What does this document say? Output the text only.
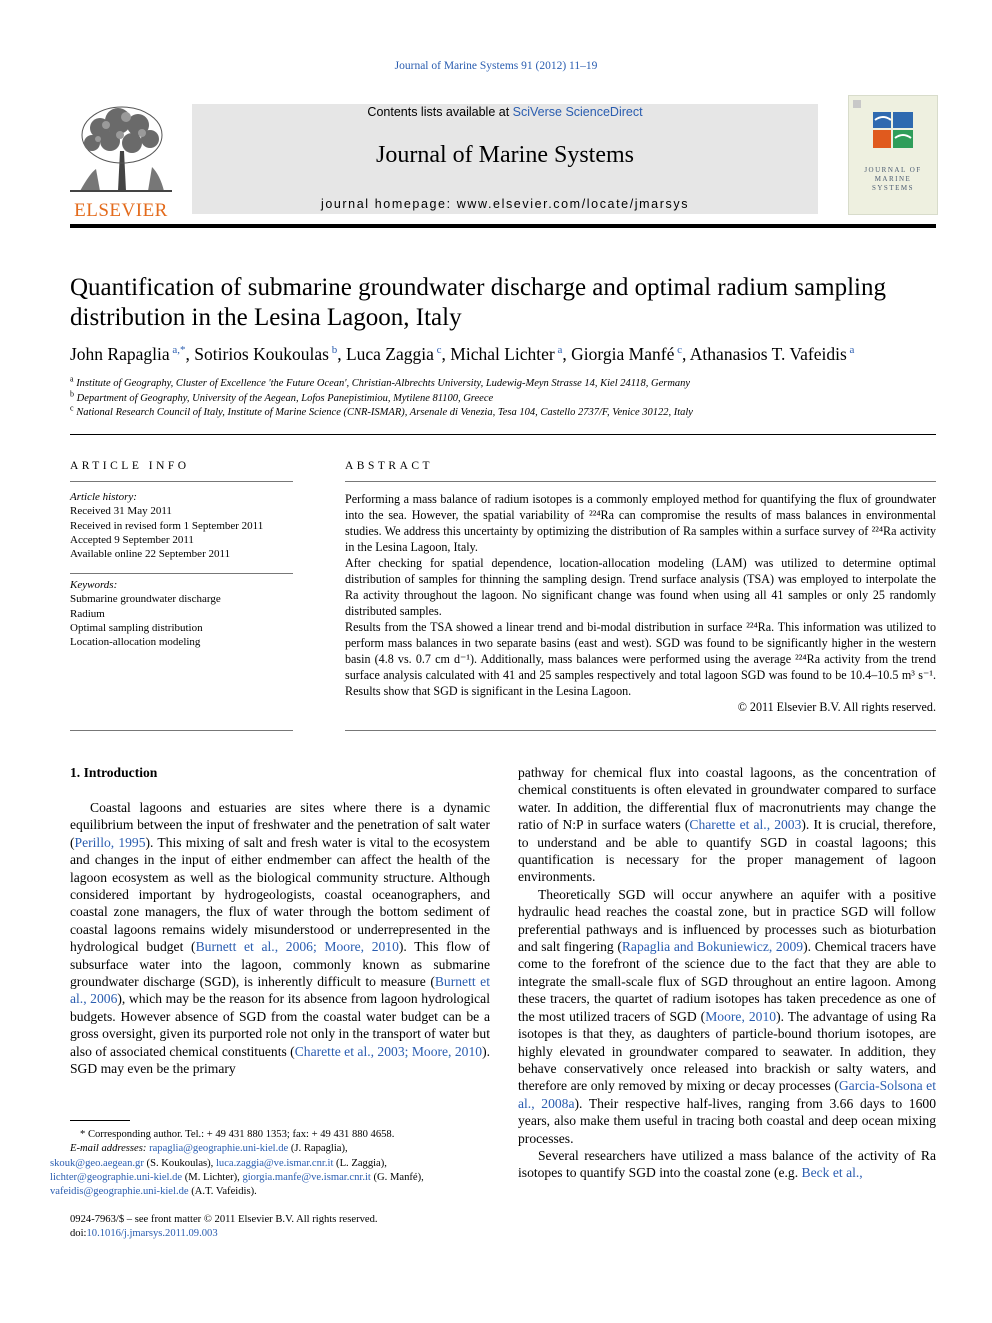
Journal of Marine Systems 91 (2012) 11–19
ELSEVIER
Contents lists available at SciVerse ScienceDirect
Journal of Marine Systems
journal homepage: www.elsevier.com/locate/jmarsys
JOURNAL OF MARINE SYSTEMS
Quantification of submarine groundwater discharge and optimal radium sampling
distribution in the Lesina Lagoon, Italy
John Rapaglia $^{a,*}$, Sotirios Koukoulas $^b$, Luca Zaggia $^c$, Michal Lichter $^a$, Giorgia Manfé $^c$, Athanasios T. Vafeidis $^a$
$^a$ Institute of Geography, Cluster of Excellence 'the Future Ocean', Christian-Albrechts University, Ludewig-Meyn Strasse 14, Kiel 24118, Germany
$^b$ Department of Geography, University of the Aegean, Lofos Panepistimiou, Mytilene 81100, Greece
$^c$ National Research Council of Italy, Institute of Marine Science (CNR-ISMAR), Arsenale di Venezia, Tesa 104, Castello 2737/F, Venice 30122, Italy
ARTICLE INFO
Article history:
Received 31 May 2011
Received in revised form 1 September 2011
Accepted 9 September 2011
Available online 22 September 2011
Keywords:
Submarine groundwater discharge
Radium
Optimal sampling distribution
Location-allocation modeling
ABSTRACT

Performing a mass balance of radium isotopes is a commonly employed method for quantifying the flux of groundwater into the sea. However, the spatial variability of ²²⁴Ra can compromise the results of mass balances in environmental studies. We address this uncertainty by optimizing the distribution of Ra samples within a surface survey of ²²⁴Ra activity in the Lesina Lagoon, Italy.

After checking for spatial dependence, location-allocation modeling (LAM) was utilized to determine optimal distribution of samples for thinning the sampling design. Trend surface analysis (TSA) was employed to interpolate the Ra activity throughout the lagoon. No significant change was found when using all 41 samples or only 25 randomly distributed samples.

Results from the TSA showed a linear trend and bi-modal distribution in surface ²²⁴Ra. This information was utilized to perform mass balances in two separate basins (east and west). SGD was found to be significantly higher in the western basin (4.8 vs. 0.7 cm d⁻¹). Additionally, mass balances were performed using the average ²²⁴Ra activity from the trend surface analysis calculated with 41 and 25 samples respectively and total lagoon SGD was found to be 10.4–10.5 m³ s⁻¹. Results show that SGD is significant in the Lesina Lagoon.

© 2011 Elsevier B.V. All rights reserved.

1. Introduction

Coastal lagoons and estuaries are sites where there is a dynamic equilibrium between the input of freshwater and the penetration of salt water (Perillo, 1995). This mixing of salt and fresh water is vital to the ecosystem and changes in the input of either endmember can affect the health of the lagoon ecosystem as well as the biological community structure. Although considered important by hydrogeologists, coastal oceanographers, and coastal zone managers, the flux of water through the bottom sediment of coastal lagoons remains widely misunderstood or underrepresented in the hydrological budget (Burnett et al., 2006; Moore, 2010). This flow of subsurface water into the lagoon, commonly known as submarine groundwater discharge (SGD), is inherently difficult to measure (Burnett et al., 2006), which may be the reason for its absence from lagoon hydrological budgets. However absence of SGD from the coastal water budget can be a gross oversight, given its purported role not only in the transport of water but also of associated chemical constituents (Charette et al., 2003; Moore, 2010). SGD may even be the primary

pathway for chemical flux into coastal lagoons, as the concentration of chemical constituents is often elevated in groundwater compared to surface water. In addition, the differential flux of macronutrients may change the ratio of N:P in surface waters (Charette et al., 2003). It is crucial, therefore, to understand and be able to quantify SGD in coastal lagoons; this quantification is necessary for the proper management of lagoon environments.

Theoretically SGD will occur anywhere an aquifer with a positive hydraulic head reaches the coastal zone, but in practice SGD will follow preferential pathways and is influenced by processes such as bioturbation and salt fingering (Rapaglia and Bokuniewicz, 2009). Chemical tracers have come to the forefront of the science due to the fact that they are able to integrate the small-scale flux of SGD throughout an entire lagoon. Among these tracers, the quartet of radium isotopes has taken precedence as one of the most utilized tracers of SGD (Moore, 2010). The advantage of using Ra isotopes is that they, as daughters of particle-bound thorium isotopes, are highly elevated in groundwater compared to seawater. In addition, they behave conservatively once released into brackish or salty waters, and therefore are only removed by mixing or decay processes (Garcia-Solsona et al., 2008a). Their respective half-lives, ranging from 3.66 days to 1600 years, also make them useful in tracing both coastal and deep ocean mixing processes.

Several researchers have utilized a mass balance of the activity of Ra isotopes to quantify SGD into the coastal zone (e.g. Beck et al.,

* Corresponding author. Tel.: + 49 431 880 1353; fax: + 49 431 880 4658.
E-mail addresses: rapaglia@geographie.uni-kiel.de (J. Rapaglia),
skouk@geo.aegean.gr (S. Koukoulas), luca.zaggia@ve.ismar.cnr.it (L. Zaggia),
lichter@geographie.uni-kiel.de (M. Lichter), giorgia.manfe@ve.ismar.cnr.it (G. Manfé),
vafeidis@geographie.uni-kiel.de (A.T. Vafeidis).
0924-7963/$ – see front matter © 2011 Elsevier B.V. All rights reserved.
doi:10.1016/j.jmarsys.2011.09.003
